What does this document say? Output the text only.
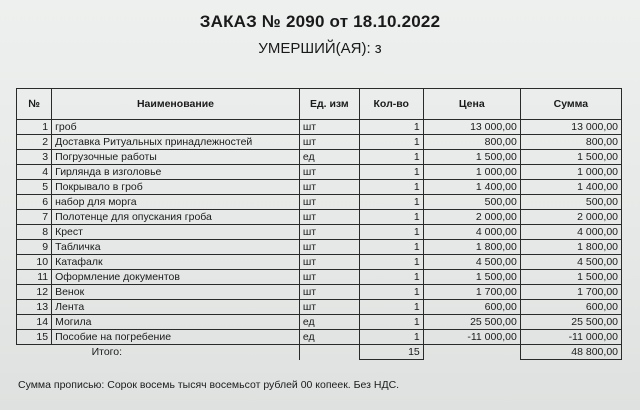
ЗАКАЗ № 2090 от 18.10.2022
УМЕРШИЙ(АЯ): з
№	Наименование	Ед. изм	Кол-во	Цена	Сумма
1	гроб	шт	1	13 000,00	13 000,00
2	Доставка Ритуальных принадлежностей	шт	1	800,00	800,00
3	Погрузочные работы	ед	1	1 500,00	1 500,00
4	Гирлянда в изголовье	шт	1	1 000,00	1 000,00
5	Покрывало в гроб	шт	1	1 400,00	1 400,00
6	набор для морга	шт	1	500,00	500,00
7	Полотенце для опускания гроба	шт	1	2 000,00	2 000,00
8	Крест	шт	1	4 000,00	4 000,00
9	Табличка	шт	1	1 800,00	1 800,00
10	Катафалк	шт	1	4 500,00	4 500,00
11	Оформление документов	шт	1	1 500,00	1 500,00
12	Венок	шт	1	1 700,00	1 700,00
13	Лента	шт	1	600,00	600,00
14	Могила	ед	1	25 500,00	25 500,00
15	Пособие на погребение	ед	1	-11 000,00	-11 000,00
	Итого:		15		48 800,00
Сумма прописью: Сорок восемь тысяч восемьсот рублей 00 копеек. Без НДС.
